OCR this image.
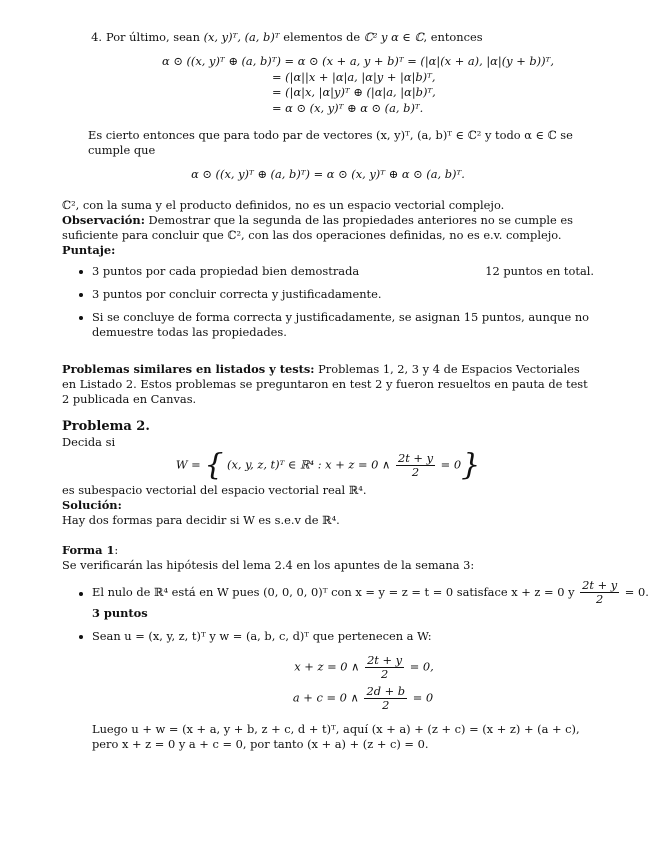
4. Por último, sean (x, y)ᵀ, (a, b)ᵀ elementos de ℂ² y α ∈ ℂ, entonces

α ⊙ ((x, y)ᵀ ⊕ (a, b)ᵀ) = α ⊙ (x + a, y + b)ᵀ = (|α|(x + a), |α|(y + b))ᵀ,
= (|α||x + |α|a, |α|y + |α|b)ᵀ,
= (|α|x, |α|y)ᵀ ⊕ (|α|a, |α|b)ᵀ,
= α ⊙ (x, y)ᵀ ⊕ α ⊙ (a, b)ᵀ.

Es cierto entonces que para todo par de vectores (x, y)ᵀ, (a, b)ᵀ ∈ ℂ² y todo α ∈ ℂ se cumple que

α ⊙ ((x, y)ᵀ ⊕ (a, b)ᵀ) = α ⊙ (x, y)ᵀ ⊕ α ⊙ (a, b)ᵀ.

ℂ², con la suma y el producto definidos, no es un espacio vectorial complejo.

Observación: Demostrar que la segunda de las propiedades anteriores no se cumple es suficiente para concluir que ℂ², con las dos operaciones definidas, no es e.v. complejo.

Puntaje:

3 puntos por cada propiedad bien demostrada	12 puntos en total.
3 puntos por concluir correcta y justificadamente.
Si se concluye de forma correcta y justificadamente, se asignan 15 puntos, aunque no demuestre todas las propiedades.

Problemas similares en listados y tests: Problemas 1, 2, 3 y 4 de Espacios Vectoriales en Listado 2. Estos problemas se preguntaron en test 2 y fueron resueltos en pauta de test 2 publicada en Canvas.

Problema 2.

Decida si

W = { (x, y, z, t)ᵀ ∈ ℝ⁴ : x + z = 0 ∧ $\frac{2t + y}{2} = 0$}

es subespacio vectorial del espacio vectorial real ℝ⁴.

Solución:

Hay dos formas para decidir si W es s.e.v de ℝ⁴.

Forma 1:

Se verificarán las hipótesis del lema 2.4 en los apuntes de la semana 3:

El nulo de ℝ⁴ está en W pues (0, 0, 0, 0)ᵀ con x = y = z = t = 0 satisface x + z = 0 y $\frac{2t + y}{2} = 0$.
3 puntos
Sean u = (x, y, z, t)ᵀ y w = (a, b, c, d)ᵀ que pertenecen a W:
x + z = 0 ∧ $\frac{2t + y}{2} = 0$,
a + c = 0 ∧ $\frac{2d + b}{2} = 0$

Luego u + w = (x + a, y + b, z + c, d + t)ᵀ, aquí (x + a) + (z + c) = (x + z) + (a + c), pero x + z = 0 y a + c = 0, por tanto (x + a) + (z + c) = 0.
